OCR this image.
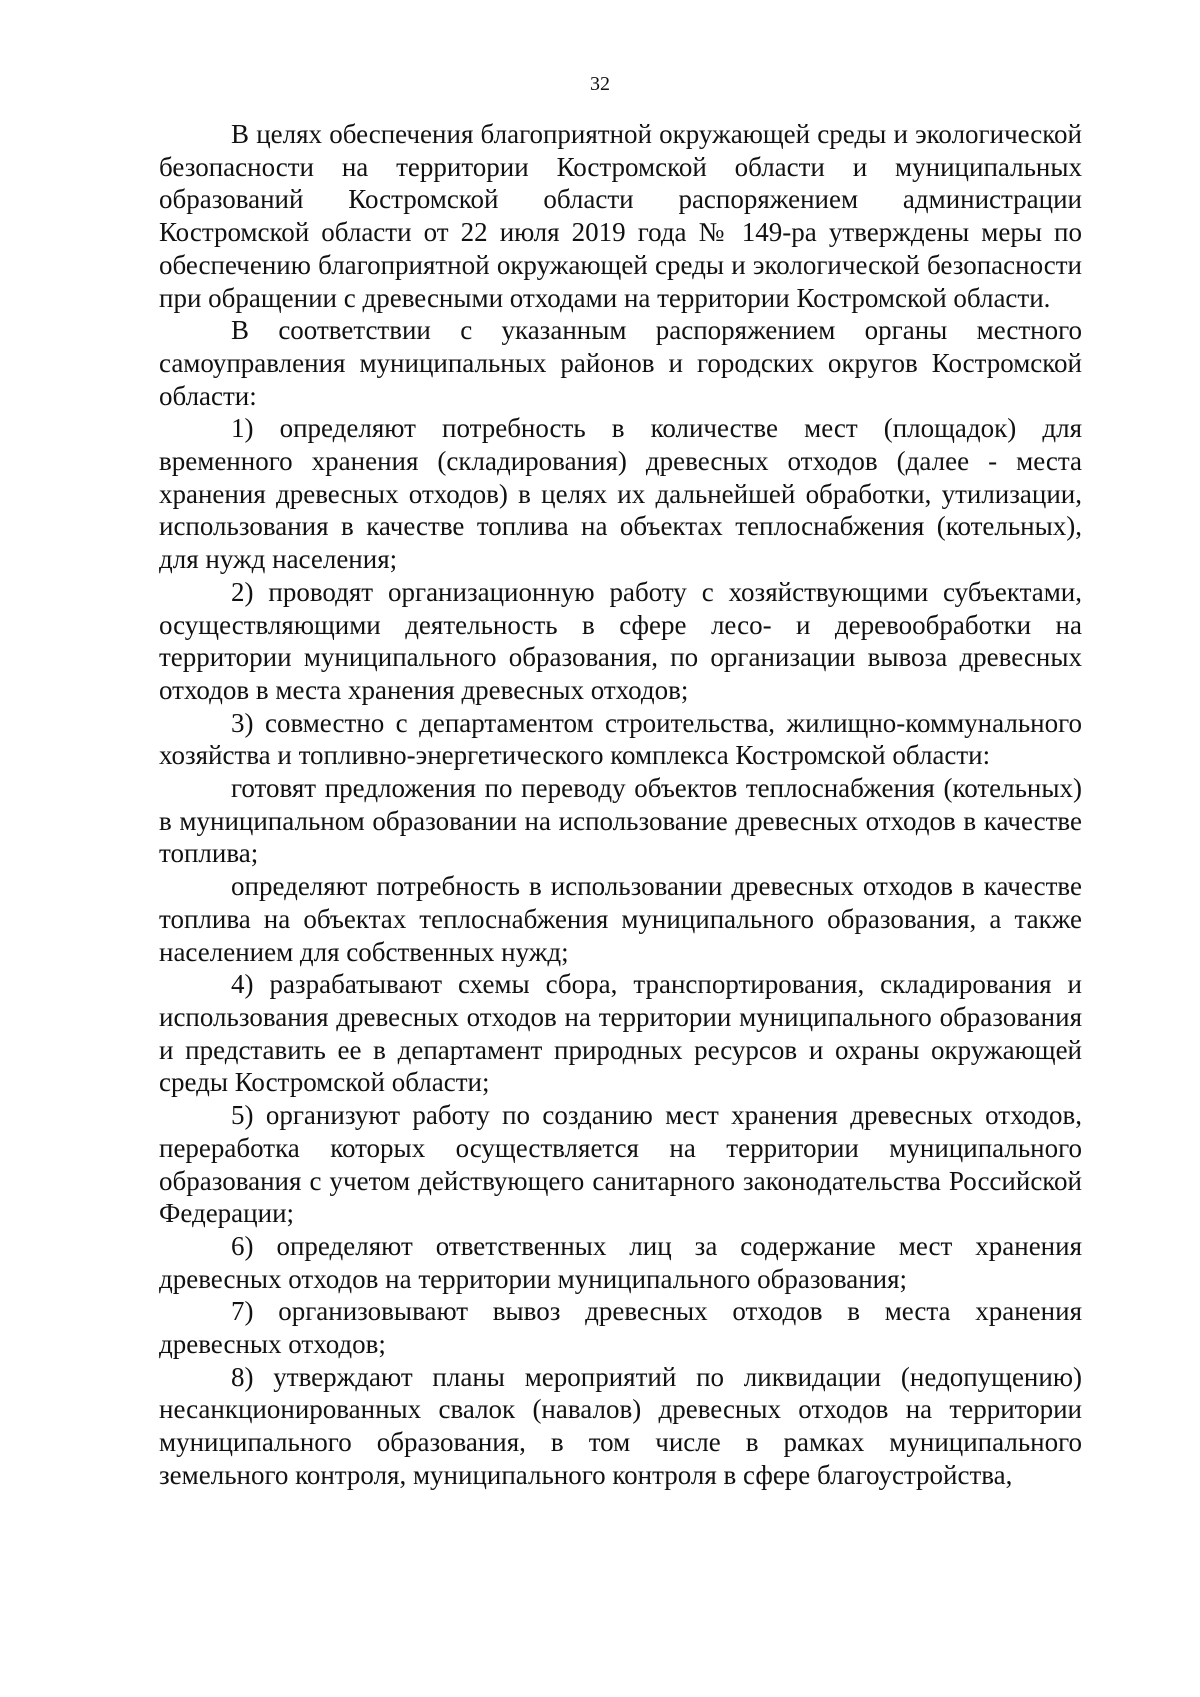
32

В целях обеспечения благоприятной окружающей среды и экологической безопасности на территории Костромской области и муниципальных образований Костромской области распоряжением администрации Костромской области от 22 июля 2019 года № 149-ра утверждены меры по обеспечению благоприятной окружающей среды и экологической безопасности при обращении с древесными отходами на территории Костромской области.

В соответствии с указанным распоряжением органы местного самоуправления муниципальных районов и городских округов Костромской области:

1) определяют потребность в количестве мест (площадок) для временного хранения (складирования) древесных отходов (далее - места хранения древесных отходов) в целях их дальнейшей обработки, утилизации, использования в качестве топлива на объектах теплоснабжения (котельных), для нужд населения;

2) проводят организационную работу с хозяйствующими субъектами, осуществляющими деятельность в сфере лесо- и деревообработки на территории муниципального образования, по организации вывоза древесных отходов в места хранения древесных отходов;

3) совместно с департаментом строительства, жилищно-коммунального хозяйства и топливно-энергетического комплекса Костромской области:

готовят предложения по переводу объектов теплоснабжения (котельных) в муниципальном образовании на использование древесных отходов в качестве топлива;

определяют потребность в использовании древесных отходов в качестве топлива на объектах теплоснабжения муниципального образования, а также населением для собственных нужд;

4) разрабатывают схемы сбора, транспортирования, складирования и использования древесных отходов на территории муниципального образования и представить ее в департамент природных ресурсов и охраны окружающей среды Костромской области;

5) организуют работу по созданию мест хранения древесных отходов, переработка которых осуществляется на территории муниципального образования с учетом действующего санитарного законодательства Российской Федерации;

6) определяют ответственных лиц за содержание мест хранения древесных отходов на территории муниципального образования;

7) организовывают вывоз древесных отходов в места хранения древесных отходов;

8) утверждают планы мероприятий по ликвидации (недопущению) несанкционированных свалок (навалов) древесных отходов на территории муниципального образования, в том числе в рамках муниципального земельного контроля, муниципального контроля в сфере благоустройства,
